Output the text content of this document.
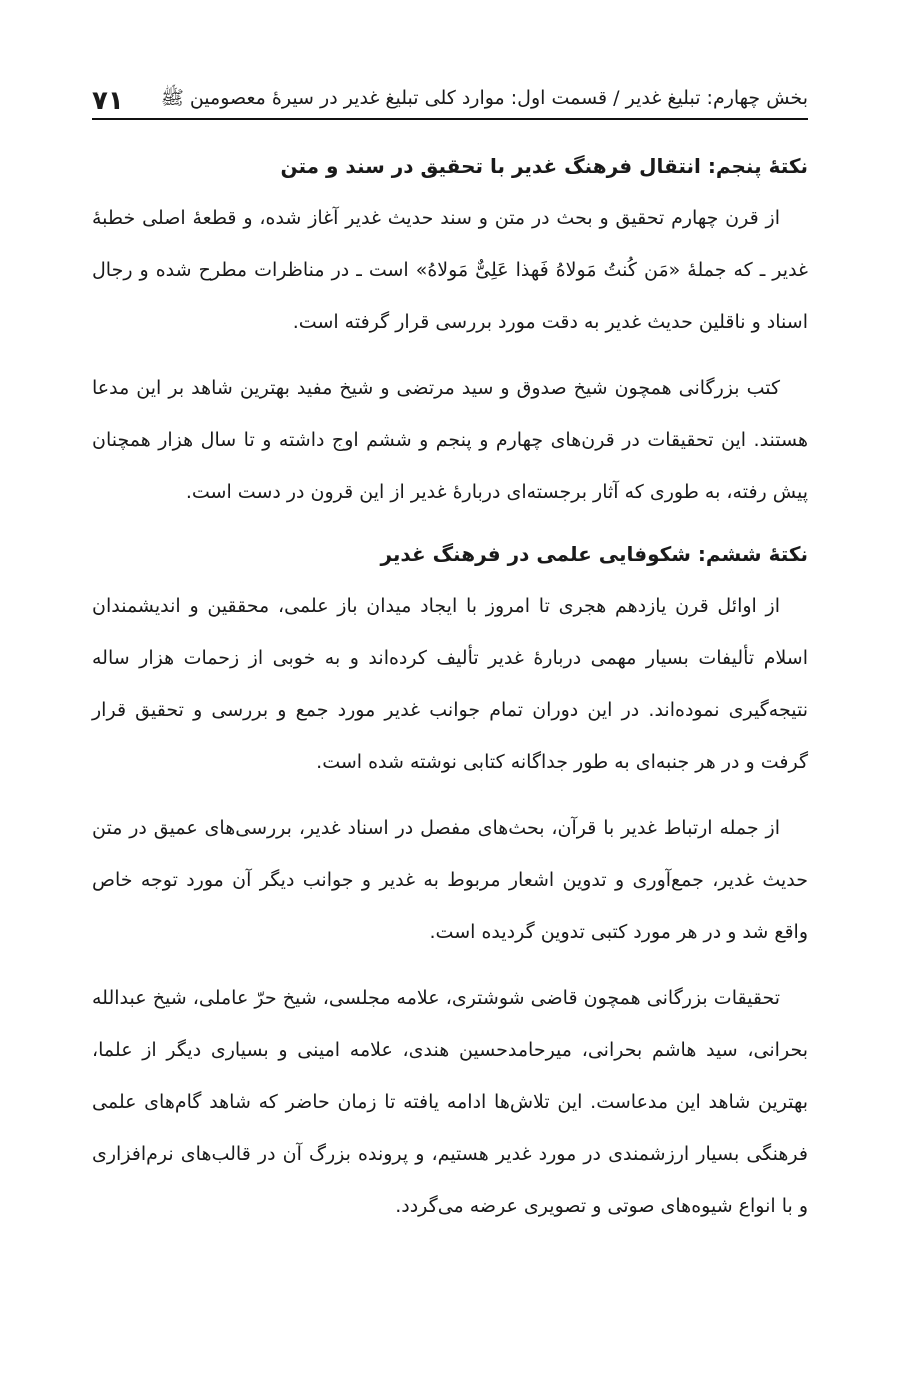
بخش چهارم: تبلیغ غدیر / قسمت اول: موارد کلی تبلیغ غدیر در سیرۀ معصومین ﷺ
۷۱
نکتۀ پنجم: انتقال فرهنگ غدیر با تحقیق در سند و متن

از قرن چهارم تحقیق و بحث در متن و سند حدیث غدیر آغاز شده، و قطعۀ اصلی خطبۀ غدیر ـ که جملۀ «مَن کُنتُ مَولاهُ فَهذا عَلِیٌّ مَولاهُ» است ـ در مناظرات مطرح شده و رجال اسناد و ناقلین حدیث غدیر به دقت مورد بررسی قرار گرفته است.

کتب بزرگانی همچون شیخ صدوق و سید مرتضی و شیخ مفید بهترین شاهد بر این مدعا هستند. این تحقیقات در قرن‌های چهارم و پنجم و ششم اوج داشته و تا سال هزار همچنان پیش رفته، به طوری که آثار برجسته‌ای دربارۀ غدیر از این قرون در دست است.

نکتۀ ششم: شکوفایی علمی در فرهنگ غدیر

از اوائل قرن یازدهم هجری تا امروز با ایجاد میدان باز علمی، محققین و اندیشمندان اسلام تألیفات بسیار مهمی دربارۀ غدیر تألیف کرده‌اند و به خوبی از زحمات هزار ساله نتیجه‌گیری نموده‌اند. در این دوران تمام جوانب غدیر مورد جمع و بررسی و تحقیق قرار گرفت و در هر جنبه‌ای به طور جداگانه کتابی نوشته شده است.

از جمله ارتباط غدیر با قرآن، بحث‌های مفصل در اسناد غدیر، بررسی‌های عمیق در متن حدیث غدیر، جمع‌آوری و تدوین اشعار مربوط به غدیر و جوانب دیگر آن مورد توجه خاص واقع شد و در هر مورد کتبی تدوین گردیده است.

تحقیقات بزرگانی همچون قاضی شوشتری، علامه مجلسی، شیخ حرّ عاملی، شیخ عبدالله بحرانی، سید هاشم بحرانی، میرحامدحسین هندی، علامه امینی و بسیاری دیگر از علما، بهترین شاهد این مدعاست. این تلاش‌ها ادامه یافته تا زمان حاضر که شاهد گام‌های علمی فرهنگی بسیار ارزشمندی در مورد غدیر هستیم، و پرونده بزرگ آن در قالب‌های نرم‌افزاری و با انواع شیوه‌های صوتی و تصویری عرضه می‌گردد.
